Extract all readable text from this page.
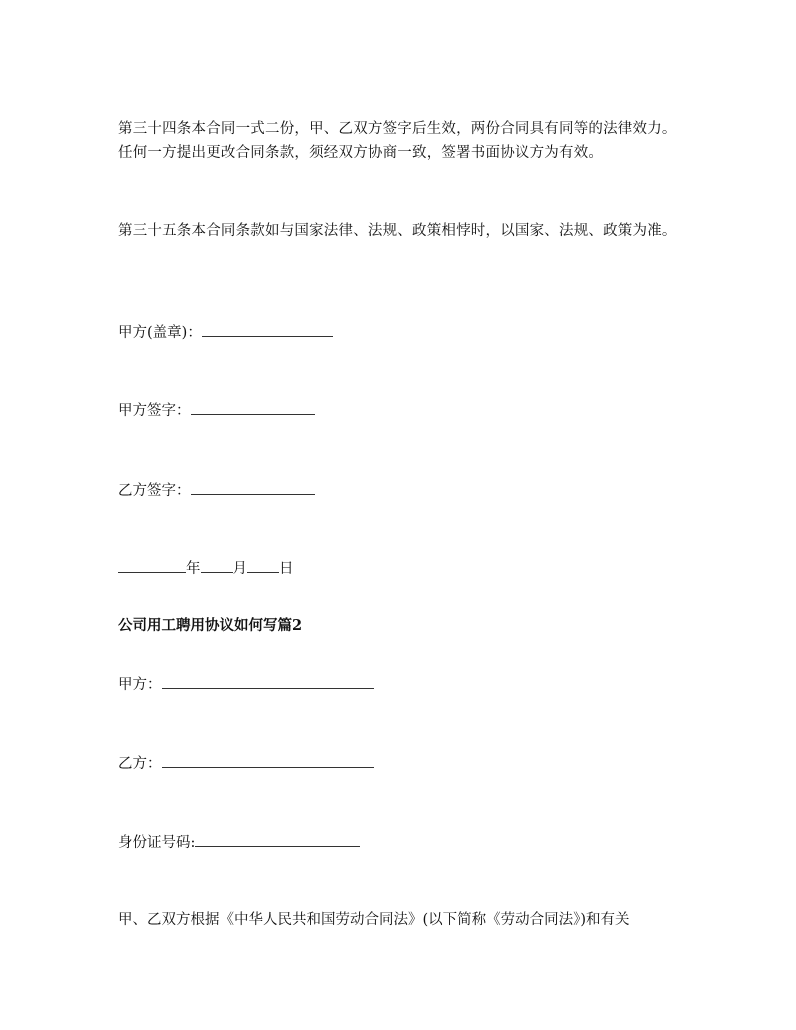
第三十四条本合同一式二份，甲、乙双方签字后生效，两份合同具有同等的法律效力。任何一方提出更改合同条款，须经双方协商一致，签署书面协议方为有效。

第三十五条本合同条款如与国家法律、法规、政策相悖时，以国家、法规、政策为准。

甲方(盖章)：
甲方签字：
乙方签字：
年 月 日
公司用工聘用协议如何写篇2
甲方：
乙方：
身份证号码:
甲、乙双方根据《中华人民共和国劳动合同法》(以下简称《劳动合同法》)和有关
